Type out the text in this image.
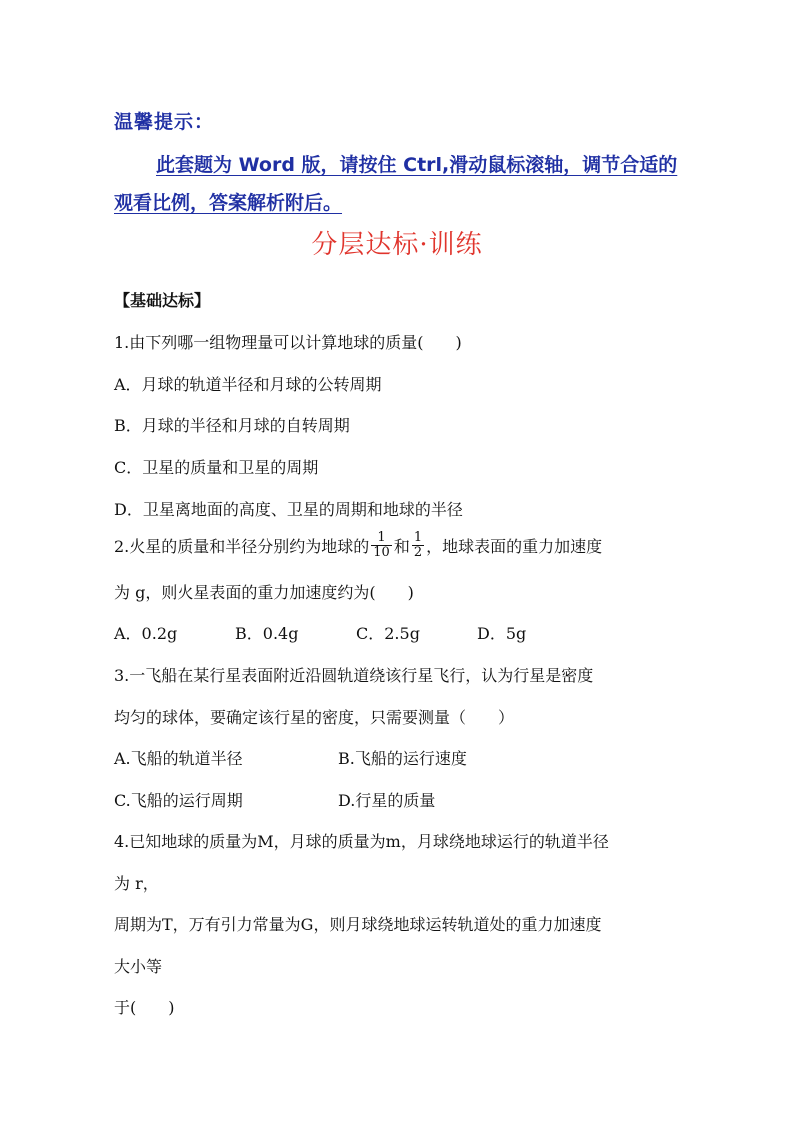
温馨提示：
此套题为 Word 版，请按住 Ctrl,滑动鼠标滚轴，调节合适的观看比例，答案解析附后。
分层达标·训练
【基础达标】
1.由下列哪一组物理量可以计算地球的质量(　　)
A．月球的轨道半径和月球的公转周期
B．月球的半径和月球的自转周期
C．卫星的质量和卫星的周期
D．卫星离地面的高度、卫星的周期和地球的半径
2.火星的质量和半径分别约为地球的 $\frac{1}{10}$ 和 $\frac{1}{2}$ ，地球表面的重力加速度
为 g，则火星表面的重力加速度约为(　　)
A．0.2g	B．0.4g	C．2.5g	D．5g
3.一飞船在某行星表面附近沿圆轨道绕该行星飞行，认为行星是密度
均匀的球体，要确定该行星的密度，只需要测量（　　）
A.飞船的轨道半径	B.飞船的运行速度
C.飞船的运行周期	D.行星的质量
4.已知地球的质量为M，月球的质量为m，月球绕地球运行的轨道半径
为 r，
周期为T，万有引力常量为G，则月球绕地球运转轨道处的重力加速度
大小等
于(　　)
